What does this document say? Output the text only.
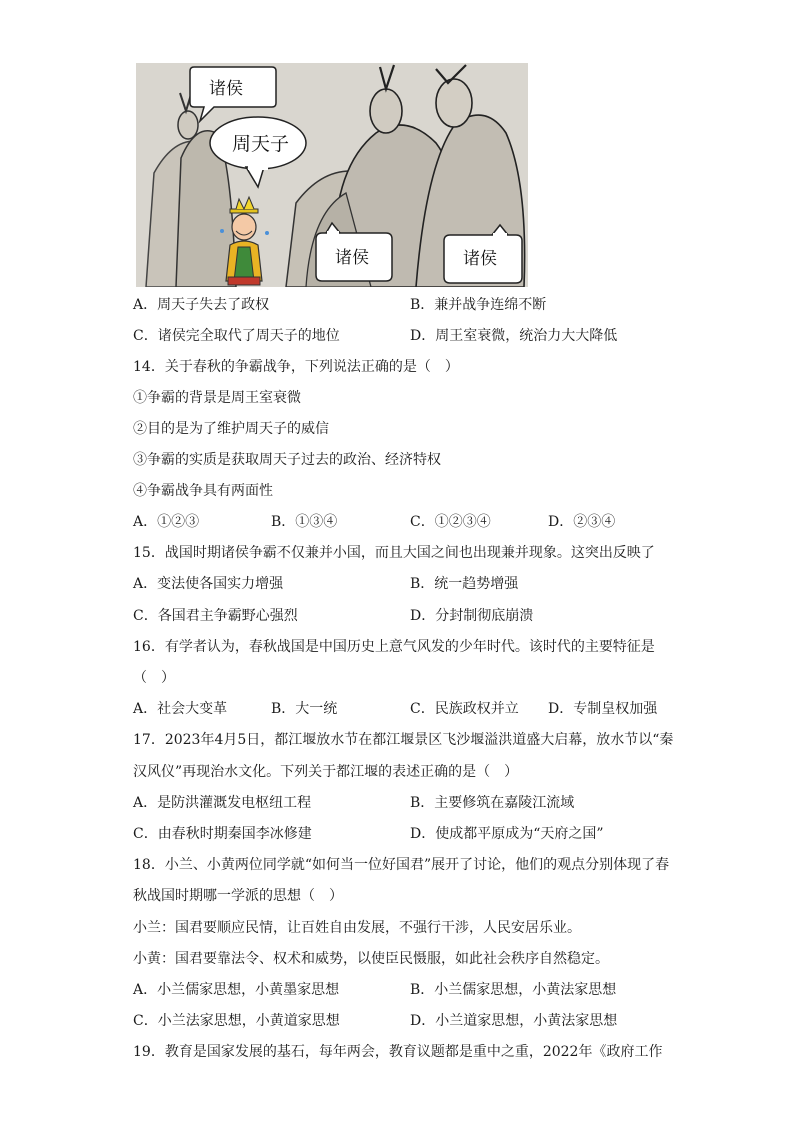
诸侯
周天子
诸侯	诸侯
A．周天子失去了政权	B．兼并战争连绵不断
C．诸侯完全取代了周天子的地位	D．周王室衰微，统治力大大降低
14．关于春秋的争霸战争，下列说法正确的是（　）
①争霸的背景是周王室衰微
②目的是为了维护周天子的威信
③争霸的实质是获取周天子过去的政治、经济特权
④争霸战争具有两面性
A．①②③	B．①③④	C．①②③④	D．②③④
15．战国时期诸侯争霸不仅兼并小国，而且大国之间也出现兼并现象。这突出反映了
A．变法使各国实力增强	B．统一趋势增强
C．各国君主争霸野心强烈	D．分封制彻底崩溃
16．有学者认为，春秋战国是中国历史上意气风发的少年时代。该时代的主要特征是
（　）
A．社会大变革	B．大一统	C．民族政权并立 D．专制皇权加强
17．2023年4月5日，都江堰放水节在都江堰景区飞沙堰溢洪道盛大启幕，放水节以“秦
汉风仪”再现治水文化。下列关于都江堰的表述正确的是（　）
A．是防洪灌溉发电枢纽工程	B．主要修筑在嘉陵江流域
C．由春秋时期秦国李冰修建	D．使成都平原成为“天府之国”
18．小兰、小黄两位同学就“如何当一位好国君”展开了讨论，他们的观点分别体现了春
秋战国时期哪一学派的思想（　）
小兰：国君要顺应民情，让百姓自由发展，不强行干涉，人民安居乐业。
小黄：国君要靠法令、权术和威势，以使臣民慑服，如此社会秩序自然稳定。
A．小兰儒家思想，小黄墨家思想	B．小兰儒家思想，小黄法家思想
C．小兰法家思想，小黄道家思想	D．小兰道家思想，小黄法家思想
19．教育是国家发展的基石，每年两会，教育议题都是重中之重，2022年《政府工作
